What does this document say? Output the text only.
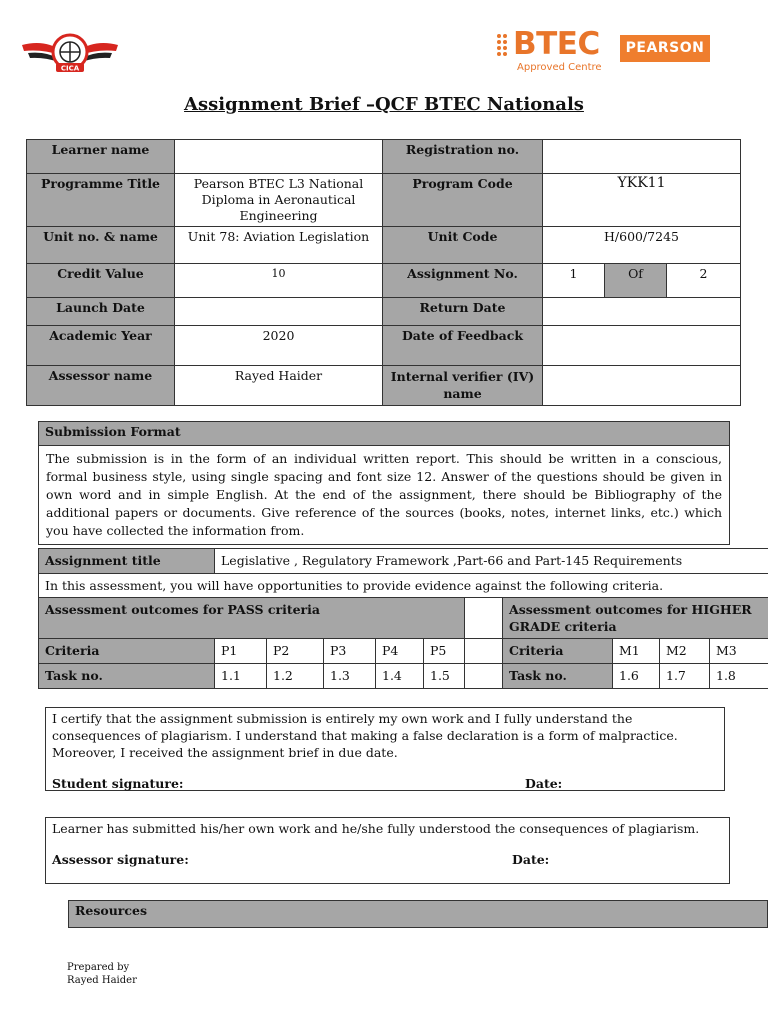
CICA
BTEC
Approved Centre
PEARSON
Assignment Brief –QCF BTEC Nationals
Learner name		Registration no.			
Programme Title	Pearson BTEC L3 National Diploma in Aeronautical Engineering	Program Code	YKK11		
Unit no. & name	Unit 78: Aviation Legislation	Unit Code	H/600/7245		
Credit Value	10	Assignment No.	1	Of	2
Launch Date		Return Date			
Academic Year	2020	Date of Feedback			
Assessor name	Rayed Haider	Internal verifier (IV) name			
Submission Format
The submission is in the form of an individual written report. This should be written in a conscious, formal business style, using single spacing and font size 12. Answer of the questions should be given in own word and in simple English. At the end of the assignment, there should be Bibliography of the additional papers or documents. Give reference of the sources (books, notes, internet links, etc.) which you have collected the information from.
Assignment title	Legislative , Regulatory Framework ,Part-66 and Part-145 Requirements									
In this assessment, you will have opportunities to provide evidence against the following criteria.										
Assessment outcomes for PASS criteria							Assessment outcomes for HIGHER GRADE criteria			
Criteria	P1	P2	P3	P4	P5		Criteria	M1	M2	M3
Task no.	1.1	1.2	1.3	1.4	1.5		Task no.	1.6	1.7	1.8
I certify that the assignment submission is entirely my own work and I fully understand the consequences of plagiarism. I understand that making a false declaration is a form of malpractice. Moreover, I received the assignment brief in due date.
Student signature:	Date:
Learner has submitted his/her own work and he/she fully understood the consequences of plagiarism.
Assessor signature:	Date:
Resources
Prepared by
Rayed Haider
